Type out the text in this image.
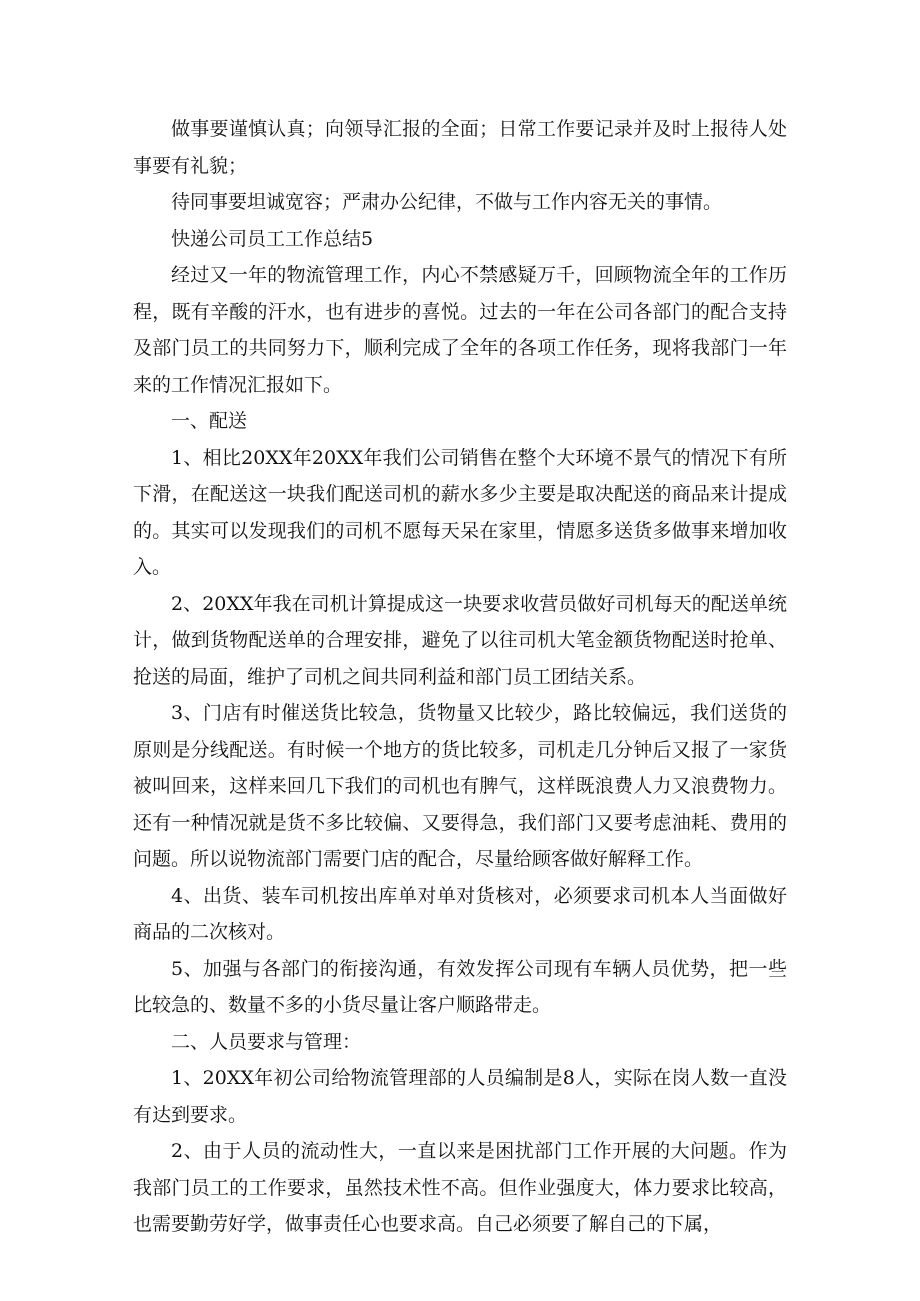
做事要谨慎认真；向领导汇报的全面；日常工作要记录并及时上报待人处事要有礼貌；

待同事要坦诚宽容；严肃办公纪律，不做与工作内容无关的事情。

快递公司员工工作总结5

经过又一年的物流管理工作，内心不禁感疑万千，回顾物流全年的工作历程，既有辛酸的汗水，也有进步的喜悦。过去的一年在公司各部门的配合支持及部门员工的共同努力下，顺利完成了全年的各项工作任务，现将我部门一年来的工作情况汇报如下。

一、配送

1、相比20XX年20XX年我们公司销售在整个大环境不景气的情况下有所下滑，在配送这一块我们配送司机的薪水多少主要是取决配送的商品来计提成的。其实可以发现我们的司机不愿每天呆在家里，情愿多送货多做事来增加收入。

2、20XX年我在司机计算提成这一块要求收营员做好司机每天的配送单统计，做到货物配送单的合理安排，避免了以往司机大笔金额货物配送时抢单、抢送的局面，维护了司机之间共同利益和部门员工团结关系。

3、门店有时催送货比较急，货物量又比较少，路比较偏远，我们送货的原则是分线配送。有时候一个地方的货比较多，司机走几分钟后又报了一家货被叫回来，这样来回几下我们的司机也有脾气，这样既浪费人力又浪费物力。还有一种情况就是货不多比较偏、又要得急，我们部门又要考虑油耗、费用的问题。所以说物流部门需要门店的配合，尽量给顾客做好解释工作。

4、出货、装车司机按出库单对单对货核对，必须要求司机本人当面做好商品的二次核对。

5、加强与各部门的衔接沟通，有效发挥公司现有车辆人员优势，把一些比较急的、数量不多的小货尽量让客户顺路带走。

二、人员要求与管理：

1、20XX年初公司给物流管理部的人员编制是8人，实际在岗人数一直没有达到要求。

2、由于人员的流动性大，一直以来是困扰部门工作开展的大问题。作为我部门员工的工作要求，虽然技术性不高。但作业强度大，体力要求比较高，也需要勤劳好学，做事责任心也要求高。自己必须要了解自己的下属，
